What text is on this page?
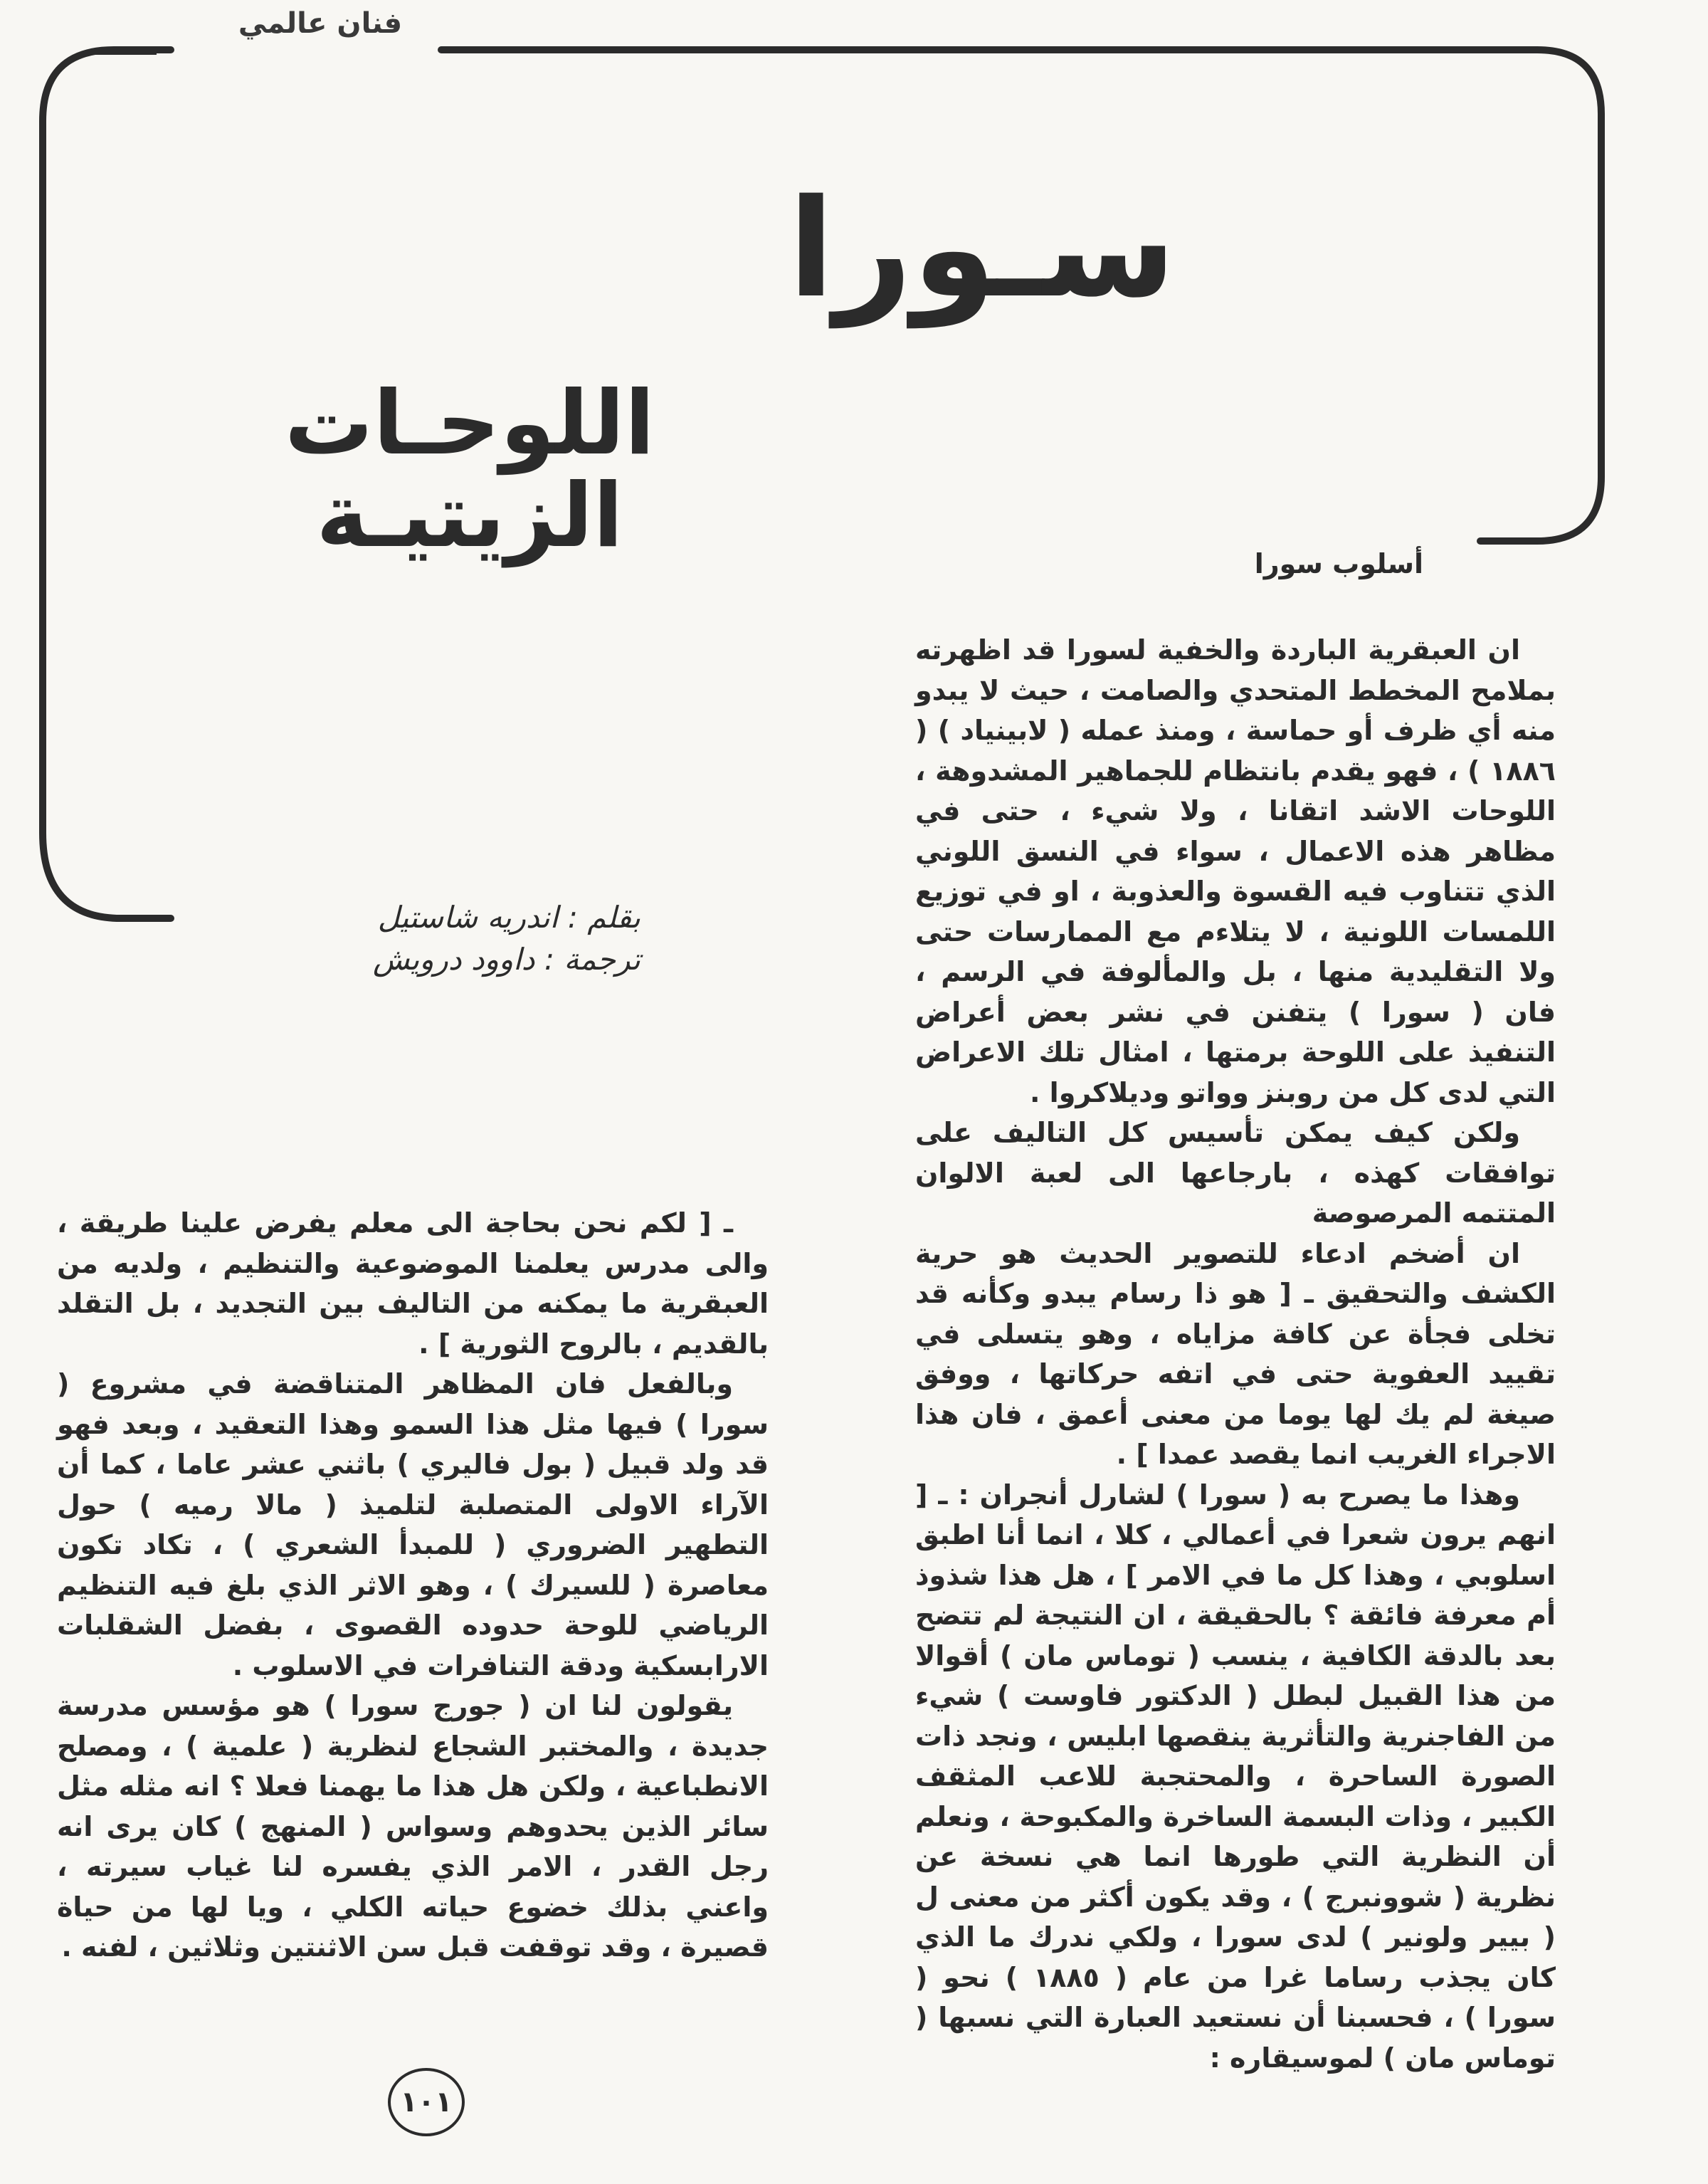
فنان عالمي
سـورا
اللوحـات
الزيتيـة
بقلم : اندريه شاستيل
ترجمة : داوود درويش
أسلوب سورا

ان العبقرية الباردة والخفية لسورا قد اظهرته بملامح المخطط المتحدي والصامت ، حيث لا يبدو منه أي ظرف أو حماسة ، ومنذ عمله ( لابينياد ) ( ١٨٨٦ ) ، فهو يقدم بانتظام للجماهير المشدوهة ، اللوحات الاشد اتقانا ، ولا شيء ، حتى في مظاهر هذه الاعمال ، سواء في النسق اللوني الذي تتناوب فيه القسوة والعذوبة ، او في توزيع اللمسات اللونية ، لا يتلاءم مع الممارسات حتى ولا التقليدية منها ، بل والمألوفة في الرسم ، فان ( سورا ) يتفنن في نشر بعض أعراض التنفيذ على اللوحة برمتها ، امثال تلك الاعراض التي لدى كل من روبنز وواتو وديلاكروا .

ولكن كيف يمكن تأسيس كل التاليف على توافقات كهذه ، بارجاعها الى لعبة الالوان المتتمه المرصوصة

ان أضخم ادعاء للتصوير الحديث هو حرية الكشف والتحقيق ـ [ هو ذا رسام يبدو وكأنه قد تخلى فجأة عن كافة مزاياه ، وهو يتسلى في تقييد العفوية حتى في اتفه حركاتها ، ووفق صيغة لم يك لها يوما من معنى أعمق ، فان هذا الاجراء الغريب انما يقصد عمدا ] .

وهذا ما يصرح به ( سورا ) لشارل أنجران : ـ [ انهم يرون شعرا في أعمالي ، كلا ، انما أنا اطبق اسلوبي ، وهذا كل ما في الامر ] ، هل هذا شذوذ أم معرفة فائقة ؟ بالحقيقة ، ان النتيجة لم تتضح بعد بالدقة الكافية ، ينسب ( توماس مان ) أقوالا من هذا القبيل لبطل ( الدكتور فاوست ) شيء من الفاجنرية والتأثرية ينقصها ابليس ، ونجد ذات الصورة الساحرة ، والمحتجبة للاعب المثقف الكبير ، وذات البسمة الساخرة والمكبوحة ، ونعلم أن النظرية التي طورها انما هي نسخة عن نظرية ( شوونبرج ) ، وقد يكون أكثر من معنى ل ( بيير ولونير ) لدى سورا ، ولكي ندرك ما الذي كان يجذب رساما غرا من عام ( ١٨٨٥ ) نحو ( سورا ) ، فحسبنا أن نستعيد العبارة التي نسبها ( توماس مان ) لموسيقاره :

ـ [ لكم نحن بحاجة الى معلم يفرض علينا طريقة ، والى مدرس يعلمنا الموضوعية والتنظيم ، ولديه من العبقرية ما يمكنه من التاليف بين التجديد ، بل التقلد بالقديم ، بالروح الثورية ] .

وبالفعل فان المظاهر المتناقضة في مشروع ( سورا ) فيها مثل هذا السمو وهذا التعقيد ، وبعد فهو قد ولد قبيل ( بول فاليري ) باثني عشر عاما ، كما أن الآراء الاولى المتصلبة لتلميذ ( مالا رميه ) حول التطهير الضروري ( للمبدأ الشعري ) ، تكاد تكون معاصرة ( للسيرك ) ، وهو الاثر الذي بلغ فيه التنظيم الرياضي للوحة حدوده القصوى ، بفضل الشقلبات الارابسكية ودقة التنافرات في الاسلوب .

يقولون لنا ان ( جورج سورا ) هو مؤسس مدرسة جديدة ، والمختبر الشجاع لنظرية ( علمية ) ، ومصلح الانطباعية ، ولكن هل هذا ما يهمنا فعلا ؟ انه مثله مثل سائر الذين يحدوهم وسواس ( المنهج ) كان يرى انه رجل القدر ، الامر الذي يفسره لنا غياب سيرته ، واعني بذلك خضوع حياته الكلي ، ويا لها من حياة قصيرة ، وقد توقفت قبل سن الاثنتين وثلاثين ، لفنه .

١٠١
